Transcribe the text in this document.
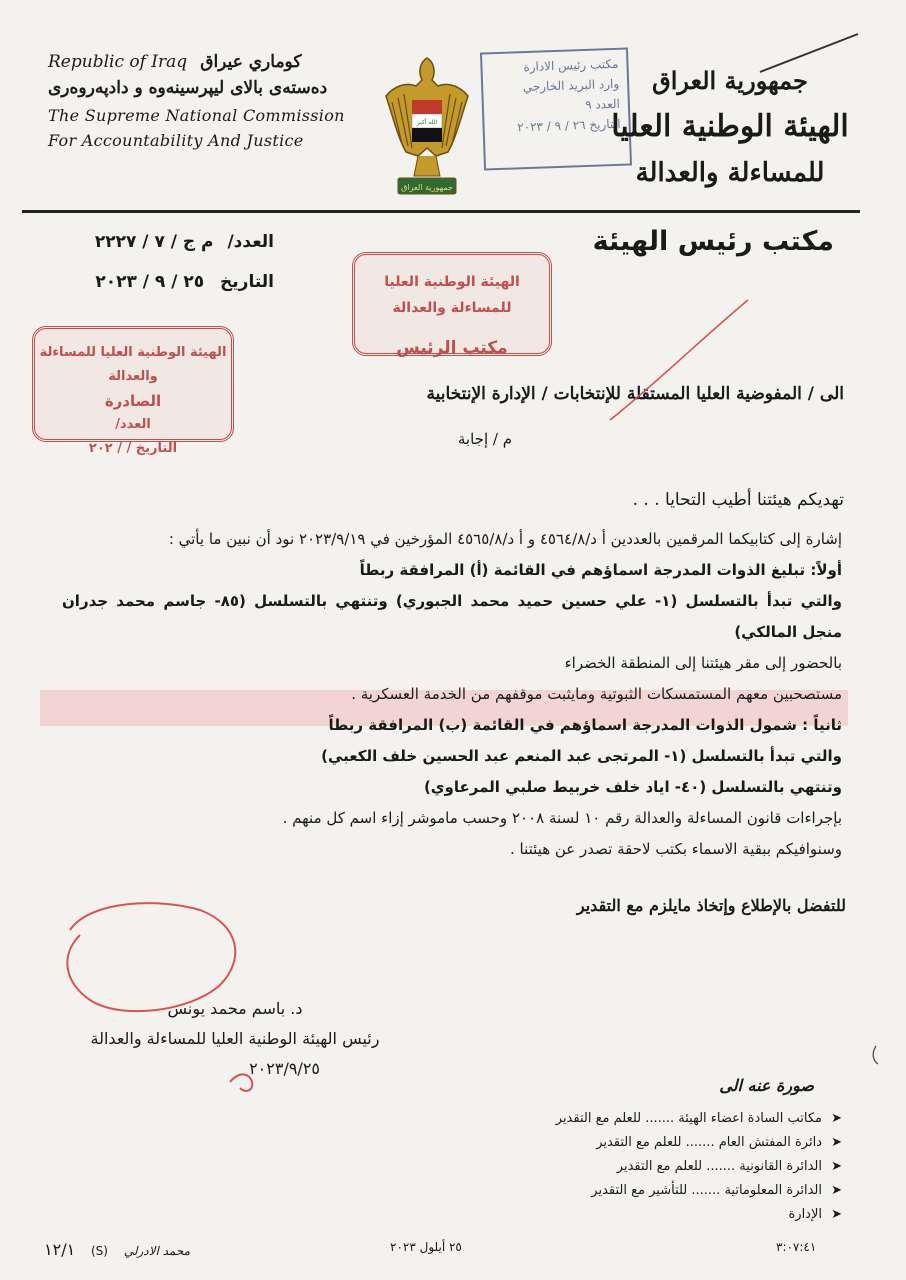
Republic of Iraq كوماري عيراق
دەستەی بالای لیپرسینەوە و دادپەروەری
The Supreme National Commission
For Accountability And Justice
الله أكبر
جمهورية العراق
مكتب رئيس الادارة
وارد البريد الخارجي
العدد ٩
التاريخ ٢٦ / ٩ / ٢٠٢٣
جمهورية العراق
الهيئة الوطنية العليا
للمساءلة والعدالة
مكتب رئيس الهيئة
العدد/ م ج / ٧ / ٢٢٢٧
التاريخ ٢٥ / ٩ / ٢٠٢٣	الهيئة الوطنية العليا للمساءلة والعدالة
مكتب الرئيس
الهيئة الوطنية العليا للمساءلة والعدالة
الصادرة
العدد/
التاريخ / / ٢٠٢
الى / المفوضية العليا المستقلة للإنتخابات / الإدارة الإنتخابية
م / إجابة
تهديكم هيئتنا أطيب التحايا . . .

إشارة إلى كتابيكما المرقمين بالعددين أ د/٤٥٦٤/٨ و أ د/٤٥٦٥/٨ المؤرخين في ٢٠٢٣/٩/١٩ نود أن نبين ما يأتي :

أولاً: تبليغ الذوات المدرجة اسماؤهم في القائمة (أ) المرافقة ربطاً

والتي تبدأ بالتسلسل (١- علي حسين حميد محمد الجبوري) وتنتهي بالتسلسل (٨٥- جاسم محمد جدران منجل المالكي)

بالحضور إلى مقر هيئتنا إلى المنطقة الخضراء

مستصحبين معهم المستمسكات الثبوتية ومايثبت موقفهم من الخدمة العسكرية .

ثانياً : شمول الذوات المدرجة اسماؤهم في القائمة (ب) المرافقة ربطاً

والتي تبدأ بالتسلسل (١- المرتجى عبد المنعم عبد الحسين خلف الكعبي)

وتنتهي بالتسلسل (٤٠- اياد خلف خربيط صلبي المرعاوي)

بإجراءات قانون المساءلة والعدالة رقم ١٠ لسنة ٢٠٠٨ وحسب ماموشر إزاء اسم كل منهم .

وسنوافيكم ببقية الاسماء بكتب لاحقة تصدر عن هيئتنا .

للتفضل بالإطلاع وإتخاذ مايلزم مع التقدير
د. باسم محمد يونس
رئيس الهيئة الوطنية العليا للمساءلة والعدالة
٢٠٢٣/٩/٢٥
صورة عنه الى
➤
مكاتب السادة اعضاء الهيئة ....... للعلم مع التقدير
➤
دائرة المفتش العام ....... للعلم مع التقدير
➤
الدائرة القانونية ....... للعلم مع التقدير
➤
الدائرة المعلوماتية ....... للتأشير مع التقدير
➤
الإدارة
١٢/١ (S) محمد الادرلي	٢٥ أيلول ٢٠٢٣	٣:٠٧:٤١
